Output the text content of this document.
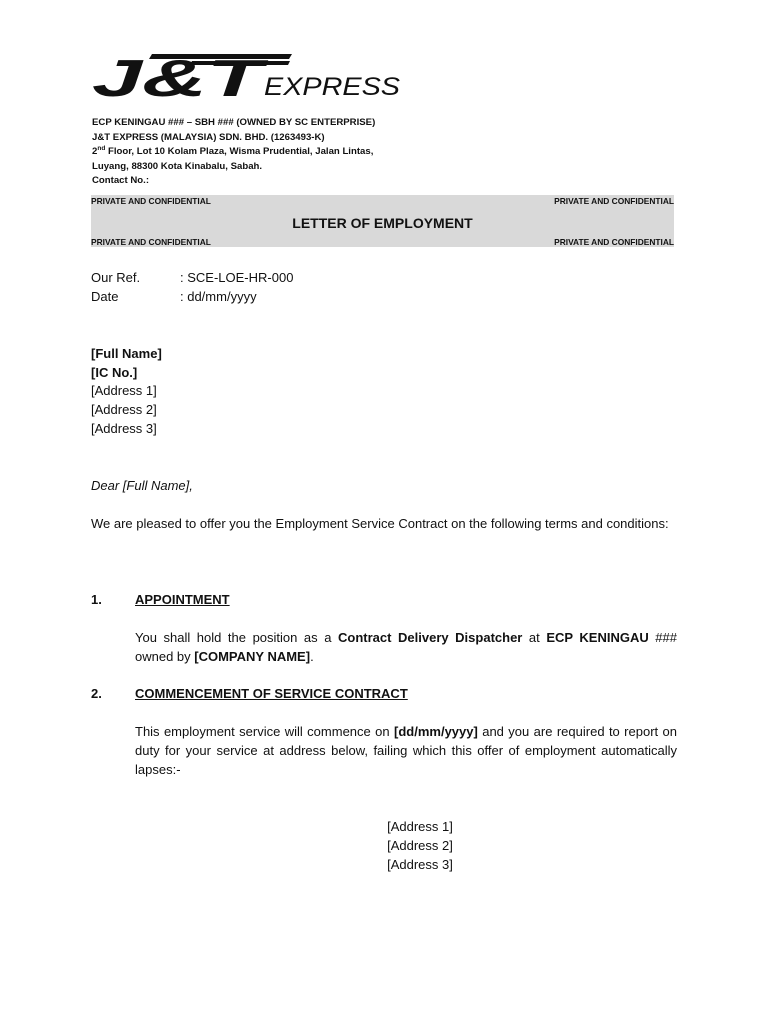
J&T
EXPRESS
ECP KENINGAU ### – SBH ### (OWNED BY SC ENTERPRISE)
J&T EXPRESS (MALAYSIA) SDN. BHD. (1263493-K)
2nd Floor, Lot 10 Kolam Plaza, Wisma Prudential, Jalan Lintas,
Luyang, 88300 Kota Kinabalu, Sabah.
Contact No.:
PRIVATE AND CONFIDENTIAL	PRIVATE AND CONFIDENTIAL
LETTER OF EMPLOYMENT
PRIVATE AND CONFIDENTIAL	PRIVATE AND CONFIDENTIAL
Our Ref.	: SCE-LOE-HR-000
Date	: dd/mm/yyyy
[Full Name]
[IC No.]
[Address 1]
[Address 2]
[Address 3]
Dear [Full Name],
We are pleased to offer you the Employment Service Contract on the following terms and conditions:
1.	APPOINTMENT
You shall hold the position as a Contract Delivery Dispatcher at ECP KENINGAU ### owned by [COMPANY NAME].
2.	COMMENCEMENT OF SERVICE CONTRACT
This employment service will commence on [dd/mm/yyyy] and you are required to report on duty for your service at address below, failing which this offer of employment automatically lapses:-
[Address 1]
[Address 2]
[Address 3]
